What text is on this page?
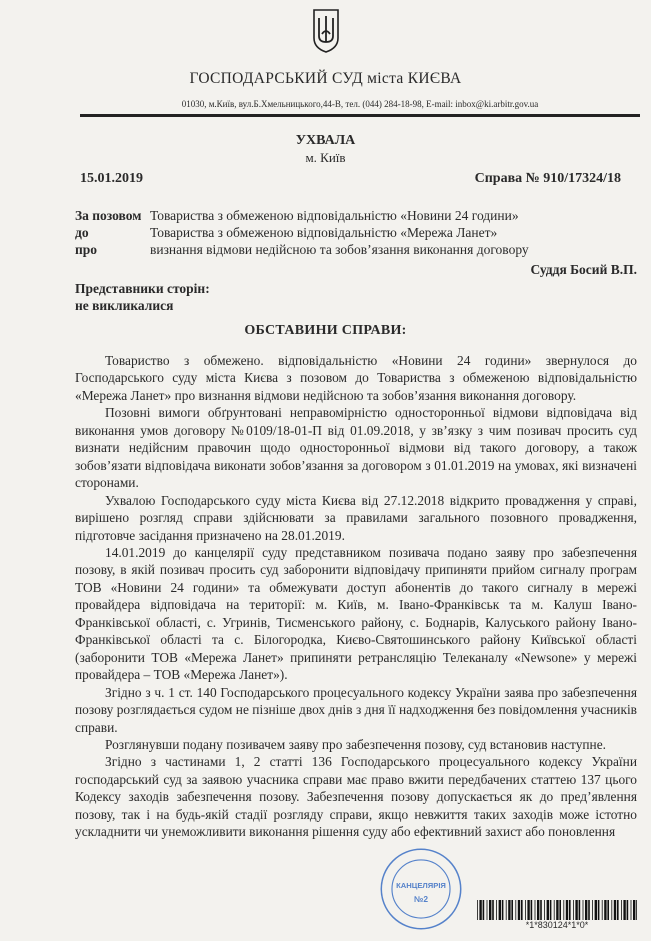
ГОСПОДАРСЬКИЙ СУД міста КИЄВА
01030, м.Київ, вул.Б.Хмельницького,44-В, тел. (044) 284-18-98, E-mail: inbox@ki.arbitr.gov.ua
УХВАЛА
м. Київ
15.01.2019	Справа № 910/17324/18
За позовом Товариства з обмеженою відповідальністю «Новини 24 години»
до	Товариства з обмеженою відповідальністю «Мережа Ланет»
про	визнання відмови недійсною та зобов’язання виконання договору
Суддя Босий В.П.
Представники сторін:
не викликалися
ОБСТАВИНИ СПРАВИ:

Товариство з обмежено. відповідальністю «Новини 24 години» звернулося до Господарського суду міста Києва з позовом до Товариства з обмеженою відповідальністю «Мережа Ланет» про визнання відмови недійсною та зобов’язання виконання договору.

Позовні вимоги обґрунтовані неправомірністю односторонньої відмови відповідача від виконання умов договору №0109/18-01-П від 01.09.2018, у зв’язку з чим позивач просить суд визнати недійсним правочин щодо односторонньої відмови від такого договору, а також зобов’язати відповідача виконати зобов’язання за договором з 01.01.2019 на умовах, які визначені сторонами.

Ухвалою Господарського суду міста Києва від 27.12.2018 відкрито провадження у справі, вирішено розгляд справи здійснювати за правилами загального позовного провадження, підготовче засідання призначено на 28.01.2019.

14.01.2019 до канцелярії суду представником позивача подано заяву про забезпечення позову, в якій позивач просить суд заборонити відповідачу припиняти прийом сигналу програм ТОВ «Новини 24 години» та обмежувати доступ абонентів до такого сигналу в мережі провайдера відповідача на території: м. Київ, м. Івано-Франківськ та м. Калуш Івано-Франківської області, с. Угринів, Тисменського району, с. Боднарів, Калуського району Івано-Франківської області та с. Білогородка, Києво-Святошинського району Київської області (заборонити ТОВ «Мережа Ланет» припиняти ретрансляцію Телеканалу «Newsone» у мережі провайдера – ТОВ «Мережа Ланет»).

Згідно з ч. 1 ст. 140 Господарського процесуального кодексу України заява про забезпечення позову розглядається судом не пізніше двох днів з дня її надходження без повідомлення учасників справи.

Розглянувши подану позивачем заяву про забезпечення позову, суд встановив наступне.

Згідно з частинами 1, 2 статті 136 Господарського процесуального кодексу України господарський суд за заявою учасника справи має право вжити передбачених статтею 137 цього Кодексу заходів забезпечення позову. Забезпечення позову допускається як до пред’явлення позову, так і на будь-якій стадії розгляду справи, якщо невжиття таких заходів може істотно ускладнити чи унеможливити виконання рішення суду або ефективний захист або поновлення

КАНЦЕЛЯРІЯ
№2
*1*830124*1*0*
